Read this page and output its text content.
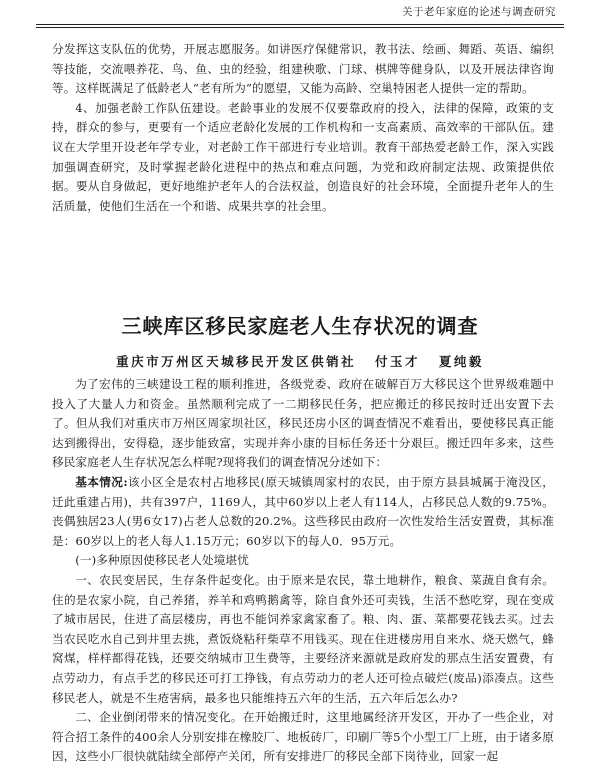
关于老年家庭的论述与调查研究

分发挥这支队伍的优势，开展志愿服务。如讲医疗保健常识，教书法、绘画、舞蹈、英语、编织等技能，交流喂养花、鸟、鱼、虫的经验，组建秧歌、门球、棋牌等健身队，以及开展法律咨询等。这样既满足了低龄老人“老有所为”的愿望，又能为高龄、空巢特困老人提供一定的帮助。

4、加强老龄工作队伍建设。老龄事业的发展不仅要靠政府的投入，法律的保障，政策的支持，群众的参与，更要有一个适应老龄化发展的工作机构和一支高素质、高效率的干部队伍。建议在大学里开设老年学专业，对老龄工作干部进行专业培训。教育干部热爱老龄工作，深入实践加强调查研究，及时掌握老龄化进程中的热点和难点问题，为党和政府制定法规、政策提供依据。要从自身做起，更好地维护老年人的合法权益，创造良好的社会环境，全面提升老年人的生活质量，使他们生活在一个和谐、成果共享的社会里。

三峡库区移民家庭老人生存状况的调查
重庆市万州区天城移民开发区供销社 付玉才 夏纯毅

为了宏伟的三峡建设工程的顺利推进，各级党委、政府在破解百万大移民这个世界级难题中投入了大量人力和资金。虽然顺利完成了一二期移民任务，把应搬迁的移民按时迁出安置下去了。但从我们对重庆市万州区周家坝社区，移民还房小区的调查情况不难看出，要使移民真正能达到搬得出，安得稳，逐步能致富，实现并奔小康的目标任务还十分艰巨。搬迁四年多来，这些移民家庭老人生存状况怎么样呢?现将我们的调查情况分述如下：

基本情况:该小区全是农村占地移民(原天城镇周家村的农民，由于原方县县城属于淹没区，迁此重建占用)，共有397户，1169人，其中60岁以上老人有114人，占移民总人数的9.75%。丧偶独居23人(男6女17)占老人总数的20.2%。这些移民由政府一次性发给生活安置费，其标准是：60岁以上的老人每人1.15万元；60岁以下的每人0．95万元。

(一)多种原因使移民老人处境堪忧

一、农民变居民，生存条件起变化。由于原来是农民，靠土地耕作，粮食、菜蔬自食有余。住的是农家小院，自己养猪，养羊和鸡鸭鹅禽等，除自食外还可卖钱，生活不愁吃穿，现在变成了城市居民，住进了高层楼房，再也不能饲养家禽家畜了。粮、肉、蛋、菜都要花钱去买。过去当农民吃水自己到井里去挑，煮饭烧粘秆柴草不用钱买。现在住进楼房用自来水、烧天燃气，蜂窝煤，样样都得花钱，还要交纳城市卫生费等，主要经济来源就是政府发的那点生活安置费，有点劳动力，有点手艺的移民还可打工挣钱，有点劳动力的老人还可捡点破烂(废品)添凑点。这些移民老人，就是不生疮害病，最多也只能维持五六年的生活，五六年后怎么办?

二、企业倒闭带来的情况变化。在开始搬迁时，这里地属经济开发区，开办了一些企业，对符合招工条件的400余人分别安排在橡胶厂、地板砖厂，印刷厂等5个小型工厂上班，由于诸多原因，这些小厂很快就陆续全部停产关闭，所有安排进厂的移民全部下岗待业，回家一起
